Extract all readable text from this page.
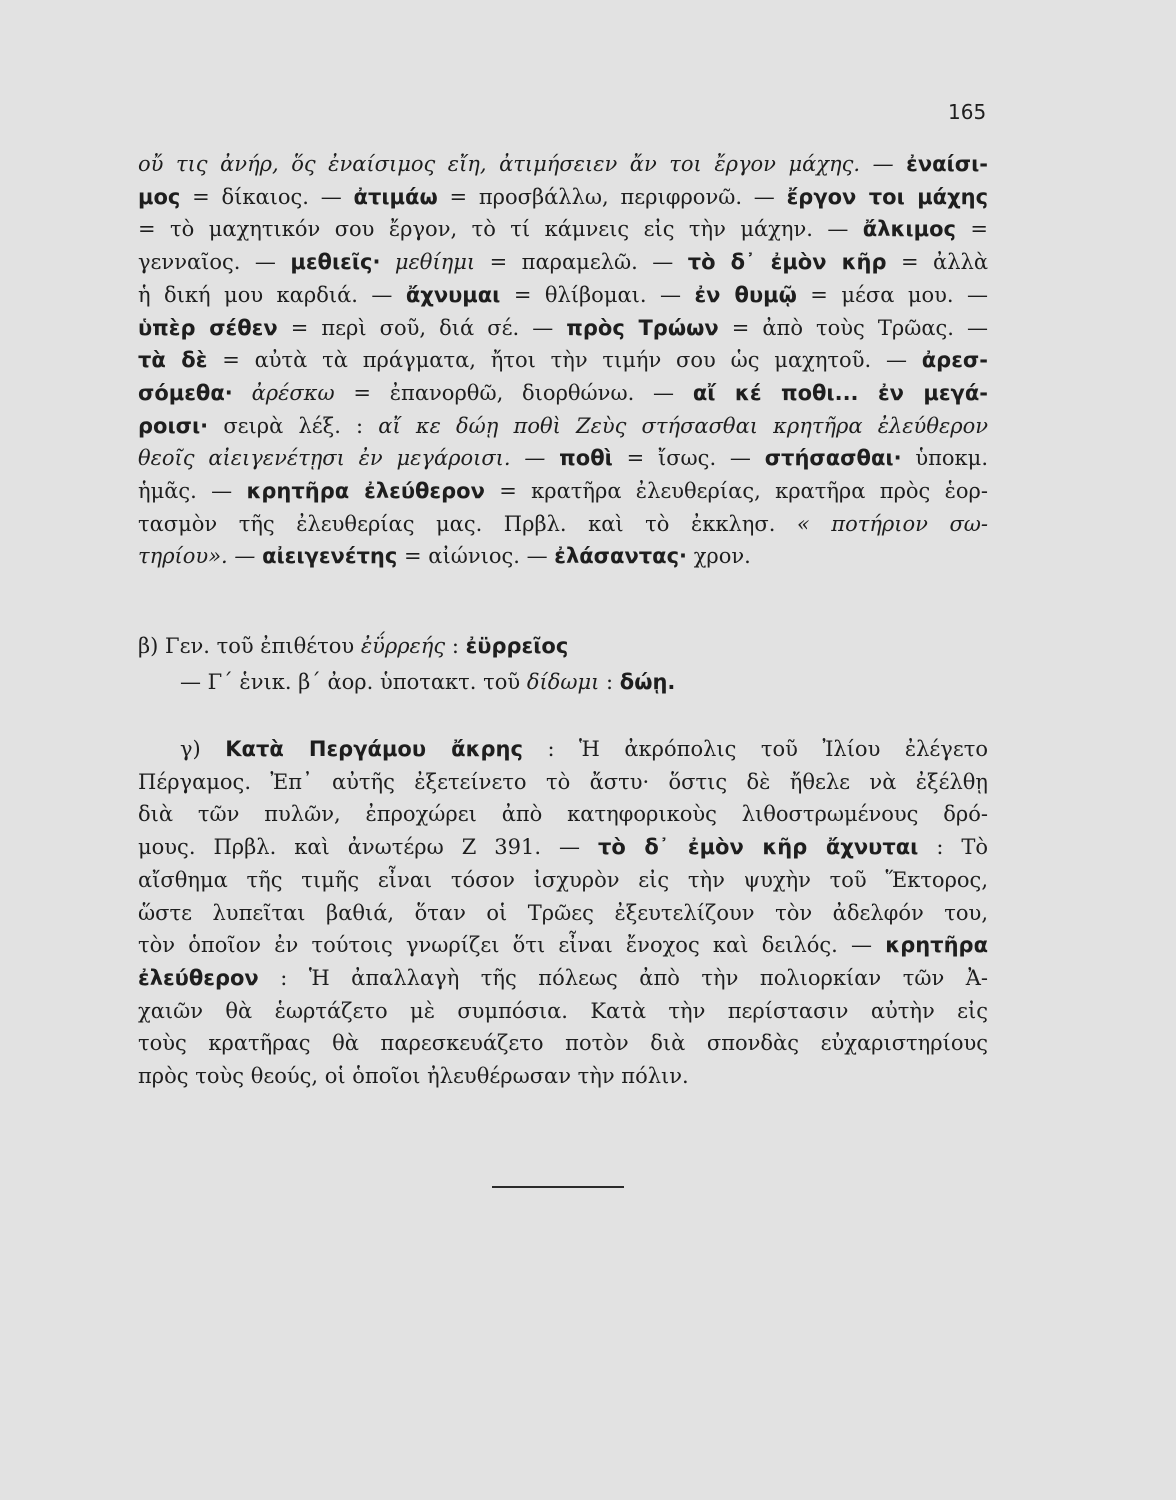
165
οὔ τις ἀνήρ, ὅς ἐναίσιμος εἴη, ἀτιμήσειεν ἄν τοι ἔργον μάχης. — ἐναίσι-
μος = δίκαιος. — ἀτιμάω = προσβάλλω, περιφρονῶ. — ἔργον τοι μάχης
= τὸ μαχητικόν σου ἔργον, τὸ τί κάμνεις εἰς τὴν μάχην. — ἄλκιμος =
γενναῖος. — μεθιεῖς· μεθίημι = παραμελῶ. — τὸ δ᾽ ἐμὸν κῆρ = ἀλλὰ
ἡ δική μου καρδιά. — ἄχνυμαι = θλίβομαι. — ἐν θυμῷ = μέσα μου. —
ὑπὲρ σέθεν = περὶ σοῦ, διά σέ. — πρὸς Τρώων = ἀπὸ τοὺς Τρῶας. —
τὰ δὲ = αὐτὰ τὰ πράγματα, ἤτοι τὴν τιμήν σου ὡς μαχητοῦ. — ἀρεσ-
σόμεθα· ἀρέσκω = ἐπανορθῶ, διορθώνω. — αἴ κέ ποθι... ἐν μεγά-
ροισι· σειρὰ λέξ. : αἴ κε δώῃ ποθὶ Ζεὺς στήσασθαι κρητῆρα ἐλεύθερον
θεοῖς αἰειγενέτῃσι ἐν μεγάροισι. — ποθὶ = ἴσως. — στήσασθαι· ὑποκμ.
ἡμᾶς. — κρητῆρα ἐλεύθερον = κρατῆρα ἐλευθερίας, κρατῆρα πρὸς ἑορ-
τασμὸν τῆς ἐλευθερίας μας. Πρβλ. καὶ τὸ ἐκκλησ. « ποτήριον σω-
τηρίου». — αἰειγενέτης = αἰώνιος. — ἐλάσαντας· χρον.
β) Γεν. τοῦ ἐπιθέτου ἐΰρρεής : ἐϋρρεῖος
— Γ΄ ἑνικ. β΄ ἀορ. ὑποτακτ. τοῦ δίδωμι : δώῃ.
γ) Κατὰ Περγάμου ἄκρης : Ἡ ἀκρόπολις τοῦ Ἰλίου ἐλέγετο
Πέργαμος. Ἐπ᾽ αὐτῆς ἐξετείνετο τὸ ἄστυ· ὅστις δὲ ἤθελε νὰ ἐξέλθῃ
διὰ τῶν πυλῶν, ἐπροχώρει ἀπὸ κατηφορικοὺς λιθοστρωμένους δρό-
μους. Πρβλ. καὶ ἀνωτέρω Ζ 391. — τὸ δ᾽ ἐμὸν κῆρ ἄχνυται : Τὸ
αἴσθημα τῆς τιμῆς εἶναι τόσον ἰσχυρὸν εἰς τὴν ψυχὴν τοῦ Ἕκτορος,
ὥστε λυπεῖται βαθιά, ὅταν οἱ Τρῶες ἐξευτελίζουν τὸν ἀδελφόν του,
τὸν ὁποῖον ἐν τούτοις γνωρίζει ὅτι εἶναι ἔνοχος καὶ δειλός. — κρητῆρα
ἐλεύθερον : Ἡ ἀπαλλαγὴ τῆς πόλεως ἀπὸ τὴν πολιορκίαν τῶν Ἀ-
χαιῶν θὰ ἑωρτάζετο μὲ συμπόσια. Κατὰ τὴν περίστασιν αὐτὴν εἰς
τοὺς κρατῆρας θὰ παρεσκευάζετο ποτὸν διὰ σπονδὰς εὐχαριστηρίους
πρὸς τοὺς θεούς, οἱ ὁποῖοι ἠλευθέρωσαν τὴν πόλιν.
